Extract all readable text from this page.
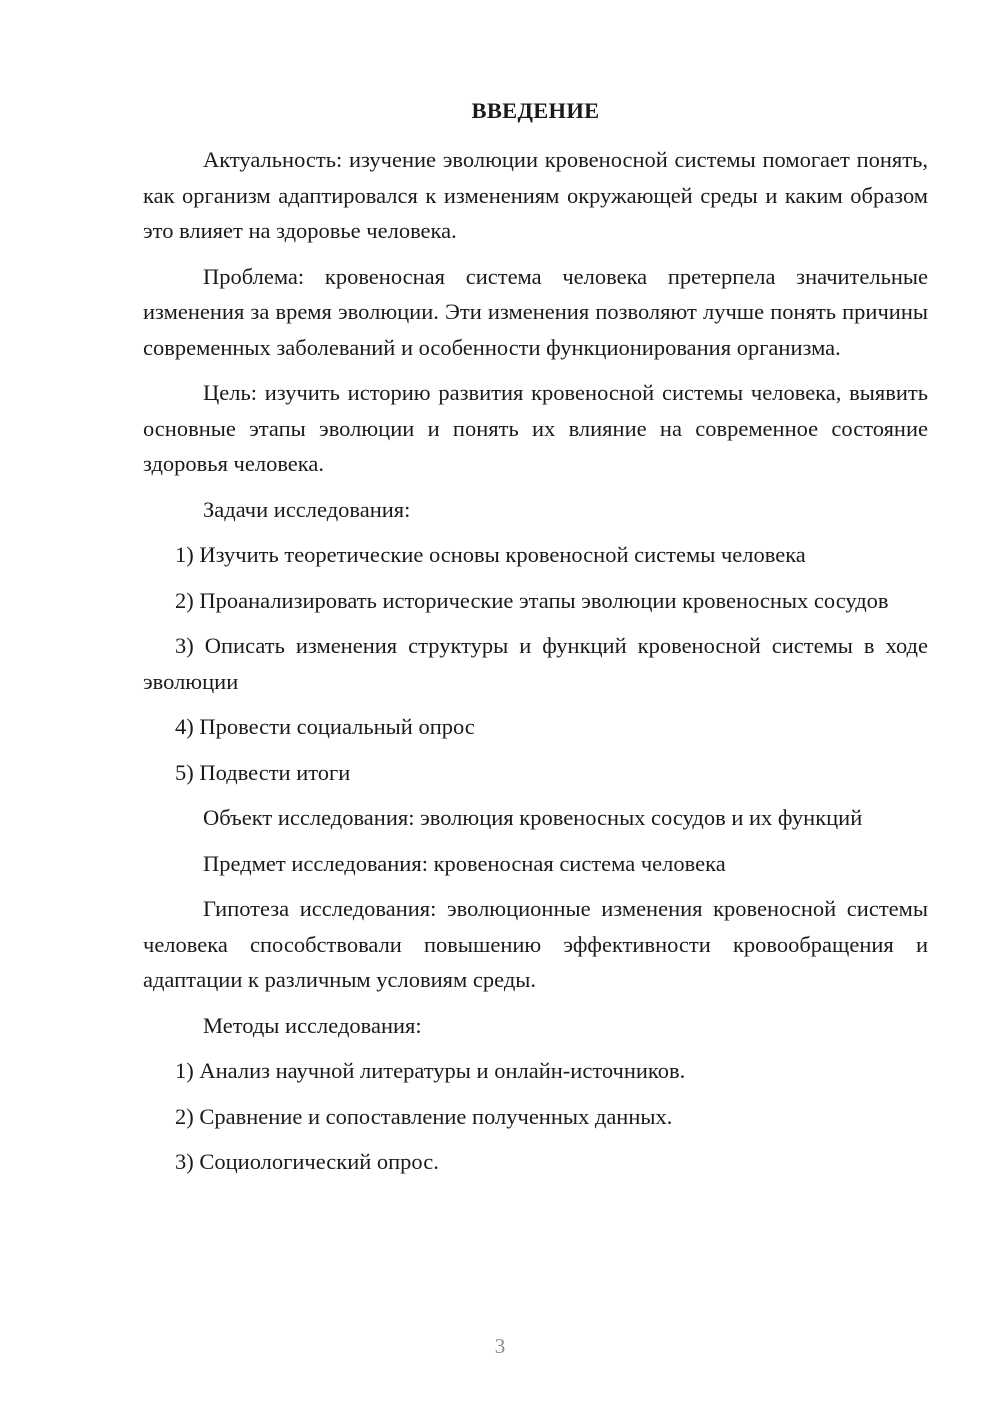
ВВЕДЕНИЕ
Актуальность: изучение эволюции кровеносной системы помогает понять, как организм адаптировался к изменениям окружающей среды и каким образом это влияет на здоровье человека.
Проблема: кровеносная система человека претерпела значительные изменения за время эволюции. Эти изменения позволяют лучше понять причины современных заболеваний и особенности функционирования организма.
Цель: изучить историю развития кровеносной системы человека, выявить основные этапы эволюции и понять их влияние на современное состояние здоровья человека.
Задачи исследования:
1) Изучить теоретические основы кровеносной системы человека
2) Проанализировать исторические этапы эволюции кровеносных сосудов
3) Описать изменения структуры и функций кровеносной системы в ходе эволюции
4) Провести социальный опрос
5) Подвести итоги
Объект исследования: эволюция кровеносных сосудов и их функций
Предмет исследования: кровеносная система человека
Гипотеза исследования: эволюционные изменения кровеносной системы человека способствовали повышению эффективности кровообращения и адаптации к различным условиям среды.
Методы исследования:
1) Анализ научной литературы и онлайн-источников.
2) Сравнение и сопоставление полученных данных.
3) Социологический опрос.
3
